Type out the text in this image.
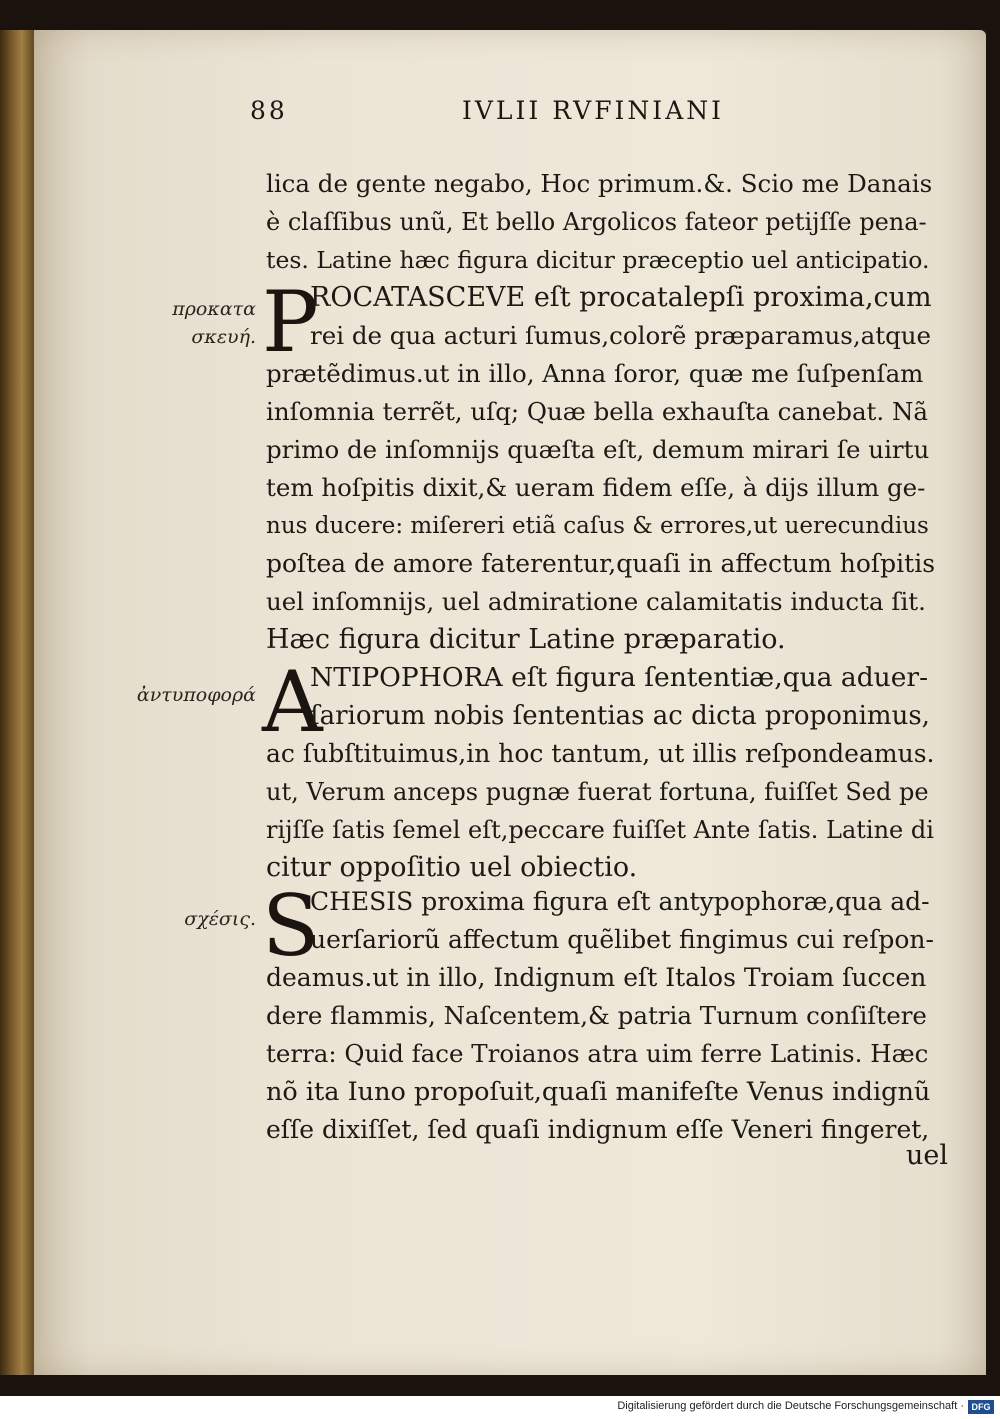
88	IVLII RVFINIANI
lica de gente negabo, Hoc primum.&. Scio me Danais
è claſſibus unũ, Et bello Argolicos fateor petijſſe pena-
tes. Latine hæc figura dicitur præceptio uel anticipatio.
προκατα
σκευή. P
ROCATASCEVE eſt procatalepſi proxima,cum
rei de qua acturi ſumus,colorẽ præparamus,atque
prætẽdimus.ut in illo, Anna ſoror, quæ me ſuſpenſam
inſomnia terrẽt, uſq; Quæ bella exhauſta canebat. Nã
primo de inſomnijs quæſta eſt, demum mirari ſe uirtu
tem hoſpitis dixit,& ueram fidem eſſe, à dijs illum ge-
nus ducere: miſereri etiã caſus & errores,ut uerecundius
poſtea de amore faterentur,quaſi in affectum hoſpitis
uel inſomnijs, uel admiratione calamitatis inducta ſit.
Hæc figura dicitur Latine præparatio.
ἀντυποφορά A
NTIPOPHORA eſt figura ſententiæ,qua aduer-
ſariorum nobis ſententias ac dicta proponimus,
ac ſubſtituimus,in hoc tantum, ut illis reſpondeamus.
ut, Verum anceps pugnæ fuerat fortuna, fuiſſet Sed pe
rijſſe ſatis ſemel eſt,peccare fuiſſet Ante ſatis. Latine di
citur oppoſitio uel obiectio.
σχέσις. S
CHESIS proxima figura eſt antypophoræ,qua ad-
uerſariorũ affectum quẽlibet fingimus cui reſpon-
deamus.ut in illo, Indignum eſt Italos Troiam ſuccen
dere flammis, Naſcentem,& patria Turnum conſiſtere
terra: Quid face Troianos atra uim ferre Latinis. Hæc
nõ ita Iuno propoſuit,quaſi manifeſte Venus indignũ
eſſe dixiſſet, ſed quaſi indignum eſſe Veneri fingeret,
uel
Digitalisierung gefördert durch die Deutsche Forschungsgemeinschaft · DFG
